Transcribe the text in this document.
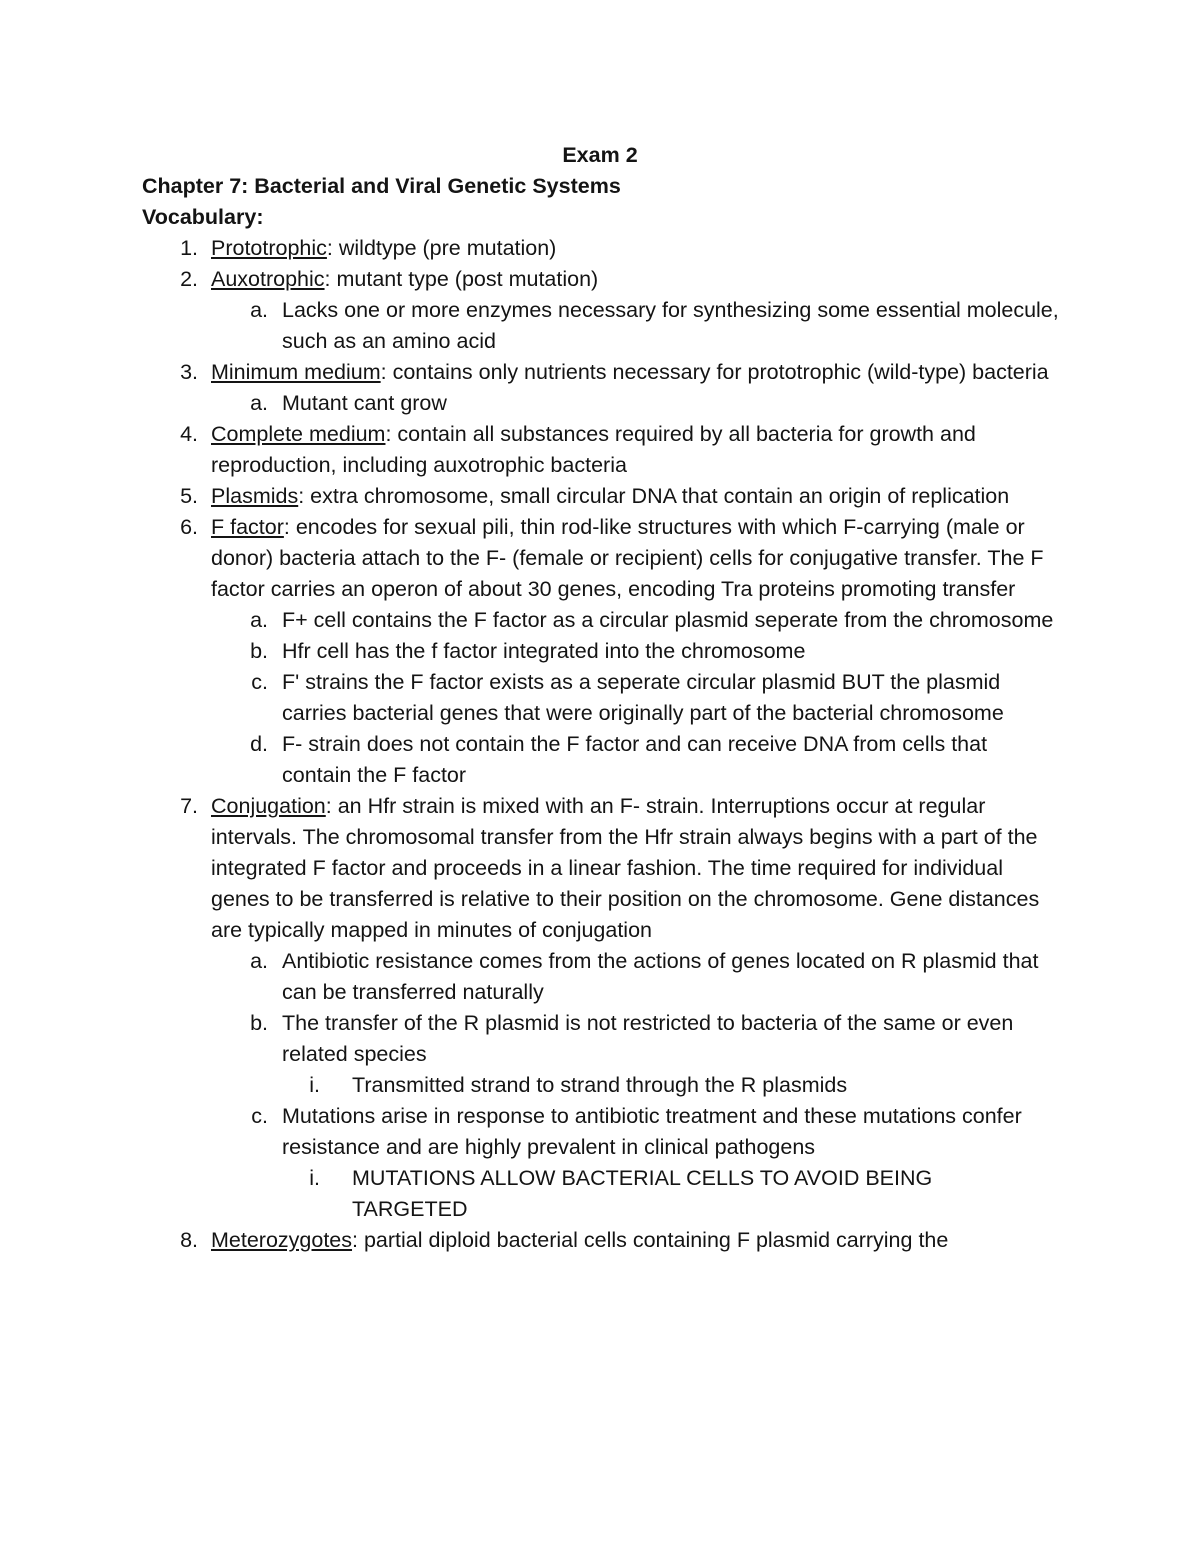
Exam 2
Chapter 7: Bacterial and Viral Genetic Systems
Vocabulary:

1. Prototrophic: wildtype (pre mutation)

2. Auxotrophic: mutant type (post mutation)

a. Lacks one or more enzymes necessary for synthesizing some essential molecule, such as an amino acid

3. Minimum medium: contains only nutrients necessary for prototrophic (wild-type) bacteria

a. Mutant cant grow

4. Complete medium: contain all substances required by all bacteria for growth and reproduction, including auxotrophic bacteria

5. Plasmids: extra chromosome, small circular DNA that contain an origin of replication

6. F factor: encodes for sexual pili, thin rod-like structures with which F-carrying (male or donor) bacteria attach to the F- (female or recipient) cells for conjugative transfer. The F factor carries an operon of about 30 genes, encoding Tra proteins promoting transfer

a. F+ cell contains the F factor as a circular plasmid seperate from the chromosome

b. Hfr cell has the f factor integrated into the chromosome

c. F' strains the F factor exists as a seperate circular plasmid BUT the plasmid carries bacterial genes that were originally part of the bacterial chromosome

d. F- strain does not contain the F factor and can receive DNA from cells that contain the F factor

7. Conjugation: an Hfr strain is mixed with an F- strain. Interruptions occur at regular intervals. The chromosomal transfer from the Hfr strain always begins with a part of the integrated F factor and proceeds in a linear fashion. The time required for individual genes to be transferred is relative to their position on the chromosome. Gene distances are typically mapped in minutes of conjugation

a. Antibiotic resistance comes from the actions of genes located on R plasmid that can be transferred naturally

b. The transfer of the R plasmid is not restricted to bacteria of the same or even related species

i. Transmitted strand to strand through the R plasmids

c. Mutations arise in response to antibiotic treatment and these mutations confer resistance and are highly prevalent in clinical pathogens

i. MUTATIONS ALLOW BACTERIAL CELLS TO AVOID BEING TARGETED

8. Meterozygotes: partial diploid bacterial cells containing F plasmid carrying the
